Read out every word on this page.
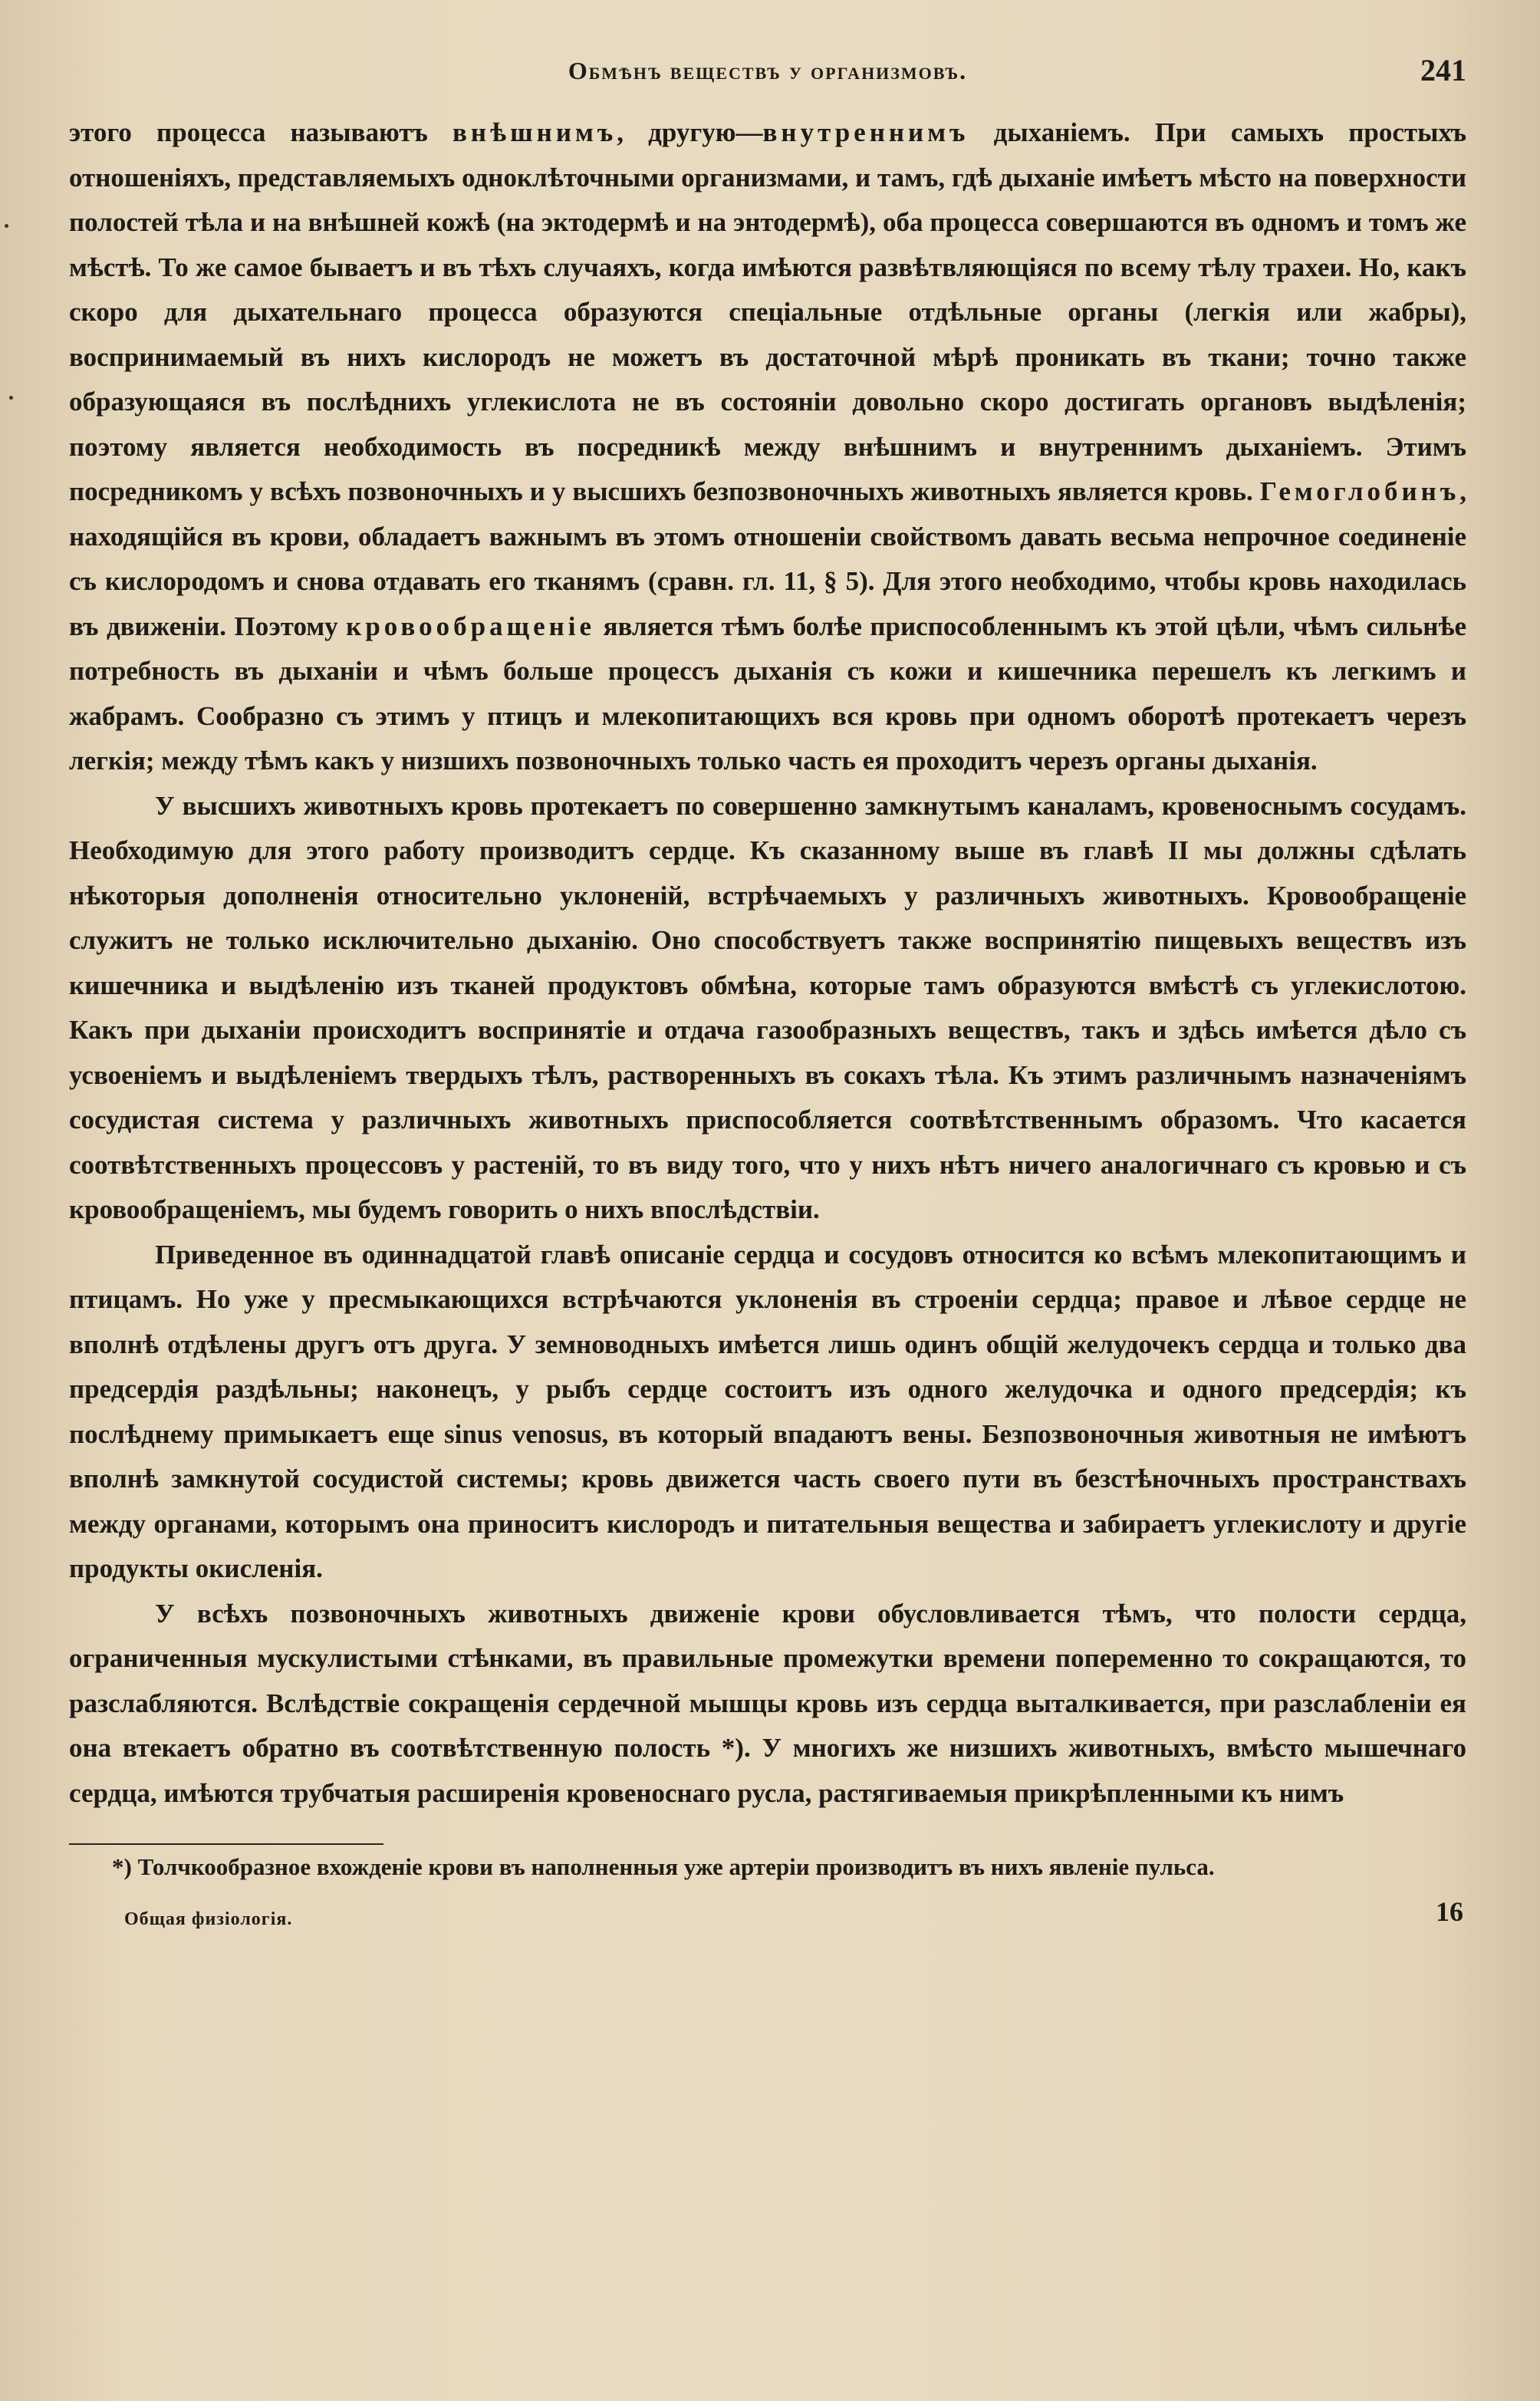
Обмѣнъ веществъ у организмовъ.	241

этого процесса называютъ внѣшнимъ, другую—внутреннимъ дыханіемъ. При самыхъ простыхъ отношеніяхъ, представляемыхъ одноклѣточными организмами, и тамъ, гдѣ дыханіе имѣетъ мѣсто на поверхности полостей тѣла и на внѣшней кожѣ (на эктодермѣ и на энтодермѣ), оба процесса совершаются въ одномъ и томъ же мѣстѣ. То же самое бываетъ и въ тѣхъ случаяхъ, когда имѣются развѣтвляющіяся по всему тѣлу трахеи. Но, какъ скоро для дыхательнаго процесса образуются спеціальные отдѣльные органы (легкія или жабры), воспринимаемый въ нихъ кислородъ не можетъ въ достаточной мѣрѣ проникать въ ткани; точно также образующаяся въ послѣднихъ углекислота не въ состояніи довольно скоро достигать органовъ выдѣленія; поэтому является необходимость въ посредникѣ между внѣшнимъ и внутреннимъ дыханіемъ. Этимъ посредникомъ у всѣхъ позвоночныхъ и у высшихъ безпозвоночныхъ животныхъ является кровь. Гемоглобинъ, находящійся въ крови, обладаетъ важнымъ въ этомъ отношеніи свойствомъ давать весьма непрочное соединеніе съ кислородомъ и снова отдавать его тканямъ (сравн. гл. 11, § 5). Для этого необходимо, чтобы кровь находилась въ движеніи. Поэтому кровообращеніе является тѣмъ болѣе приспособленнымъ къ этой цѣли, чѣмъ сильнѣе потребность въ дыханіи и чѣмъ больше процессъ дыханія съ кожи и кишечника перешелъ къ легкимъ и жабрамъ. Сообразно съ этимъ у птицъ и млекопитающихъ вся кровь при одномъ оборотѣ протекаетъ черезъ легкія; между тѣмъ какъ у низшихъ позвоночныхъ только часть ея проходитъ черезъ органы дыханія.

У высшихъ животныхъ кровь протекаетъ по совершенно замкнутымъ каналамъ, кровеноснымъ сосудамъ. Необходимую для этого работу производитъ сердце. Къ сказанному выше въ главѣ II мы должны сдѣлать нѣкоторыя дополненія относительно уклоненій, встрѣчаемыхъ у различныхъ животныхъ. Кровообращеніе служитъ не только исключительно дыханію. Оно способствуетъ также воспринятію пищевыхъ веществъ изъ кишечника и выдѣленію изъ тканей продуктовъ обмѣна, которые тамъ образуются вмѣстѣ съ углекислотою. Какъ при дыханіи происходитъ воспринятіе и отдача газообразныхъ веществъ, такъ и здѣсь имѣется дѣло съ усвоеніемъ и выдѣленіемъ твердыхъ тѣлъ, растворенныхъ въ сокахъ тѣла. Къ этимъ различнымъ назначеніямъ сосудистая система у различныхъ животныхъ приспособляется соотвѣтственнымъ образомъ. Что касается соотвѣтственныхъ процессовъ у растеній, то въ виду того, что у нихъ нѣтъ ничего аналогичнаго съ кровью и съ кровообращеніемъ, мы будемъ говорить о нихъ впослѣдствіи.

Приведенное въ одиннадцатой главѣ описаніе сердца и сосудовъ относится ко всѣмъ млекопитающимъ и птицамъ. Но уже у пресмыкающихся встрѣчаются уклоненія въ строеніи сердца; правое и лѣвое сердце не вполнѣ отдѣлены другъ отъ друга. У земноводныхъ имѣется лишь одинъ общій желудочекъ сердца и только два предсердія раздѣльны; наконецъ, у рыбъ сердце состоитъ изъ одного желудочка и одного предсердія; къ послѣднему примыкаетъ еще sinus venosus, въ который впадаютъ вены. Безпозвоночныя животныя не имѣютъ вполнѣ замкнутой сосудистой системы; кровь движется часть своего пути въ безстѣночныхъ пространствахъ между органами, которымъ она приноситъ кислородъ и питательныя вещества и забираетъ углекислоту и другіе продукты окисленія.

У всѣхъ позвоночныхъ животныхъ движеніе крови обусловливается тѣмъ, что полости сердца, ограниченныя мускулистыми стѣнками, въ правильные промежутки времени попеременно то сокращаются, то разслабляются. Вслѣдствіе сокращенія сердечной мышцы кровь изъ сердца выталкивается, при разслабленіи ея она втекаетъ обратно въ соотвѣтственную полость *). У многихъ же низшихъ животныхъ, вмѣсто мышечнаго сердца, имѣются трубчатыя расширенія кровеноснаго русла, растягиваемыя прикрѣпленными къ нимъ

*) Толчкообразное вхожденіе крови въ наполненныя уже артеріи производитъ въ нихъ явленіе пульса.
Общая физіологія.	16
